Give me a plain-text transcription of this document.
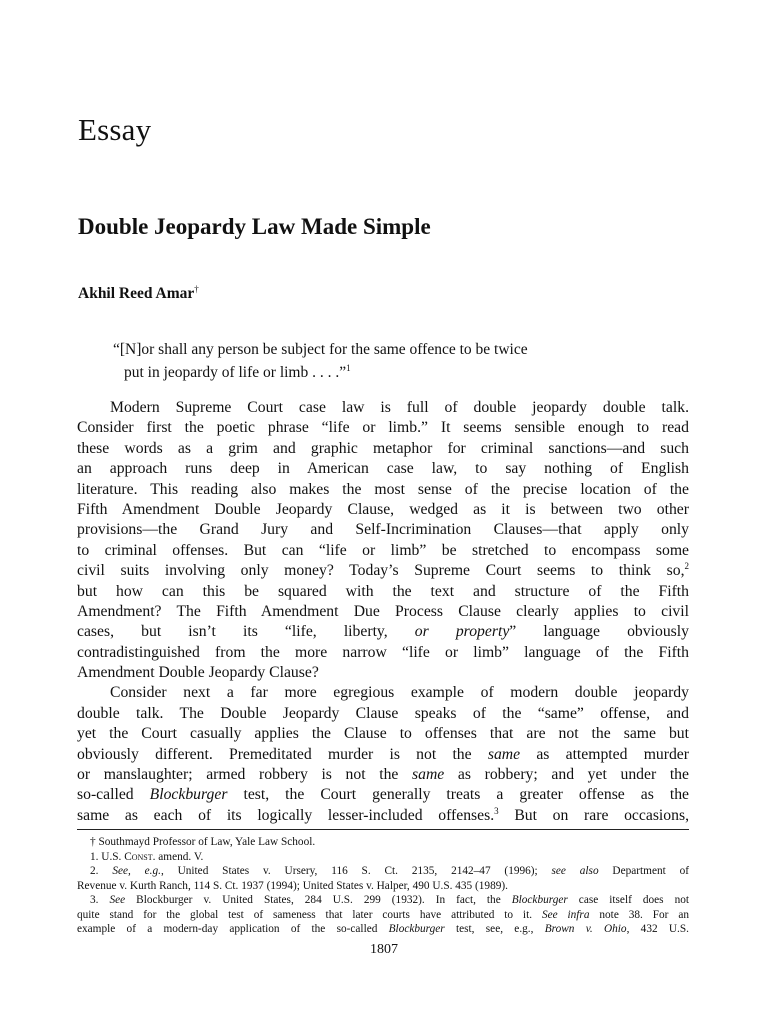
Essay
Double Jeopardy Law Made Simple
Akhil Reed Amar†
“[N]or shall any person be subject for the same offence to be twice
put in jeopardy of life or limb . . . .”$^1$
Modern Supreme Court case law is full of double jeopardy double talk.
Consider first the poetic phrase “life or limb.” It seems sensible enough to read
these words as a grim and graphic metaphor for criminal sanctions—and such
an approach runs deep in American case law, to say nothing of English
literature. This reading also makes the most sense of the precise location of the
Fifth Amendment Double Jeopardy Clause, wedged as it is between two other
provisions—the Grand Jury and Self-Incrimination Clauses—that apply only
to criminal offenses. But can “life or limb” be stretched to encompass some
civil suits involving only money? Today’s Supreme Court seems to think so,$^2$
but how can this be squared with the text and structure of the Fifth
Amendment? The Fifth Amendment Due Process Clause clearly applies to civil
cases, but isn’t its “life, liberty, or property” language obviously
contradistinguished from the more narrow “life or limb” language of the Fifth
Amendment Double Jeopardy Clause?
Consider next a far more egregious example of modern double jeopardy
double talk. The Double Jeopardy Clause speaks of the “same” offense, and
yet the Court casually applies the Clause to offenses that are not the same but
obviously different. Premeditated murder is not the same as attempted murder
or manslaughter; armed robbery is not the same as robbery; and yet under the
so-called Blockburger test, the Court generally treats a greater offense as the
same as each of its logically lesser-included offenses.$^3$ But on rare occasions,
† Southmayd Professor of Law, Yale Law School.
1. U.S. Const. amend. V.
2. See, e.g., United States v. Ursery, 116 S. Ct. 2135, 2142–47 (1996); see also Department of
Revenue v. Kurth Ranch, 114 S. Ct. 1937 (1994); United States v. Halper, 490 U.S. 435 (1989).
3. See Blockburger v. United States, 284 U.S. 299 (1932). In fact, the Blockburger case itself does not
quite stand for the global test of sameness that later courts have attributed to it. See infra note 38. For an
example of a modern-day application of the so-called Blockburger test, see, e.g., Brown v. Ohio, 432 U.S.
1807
